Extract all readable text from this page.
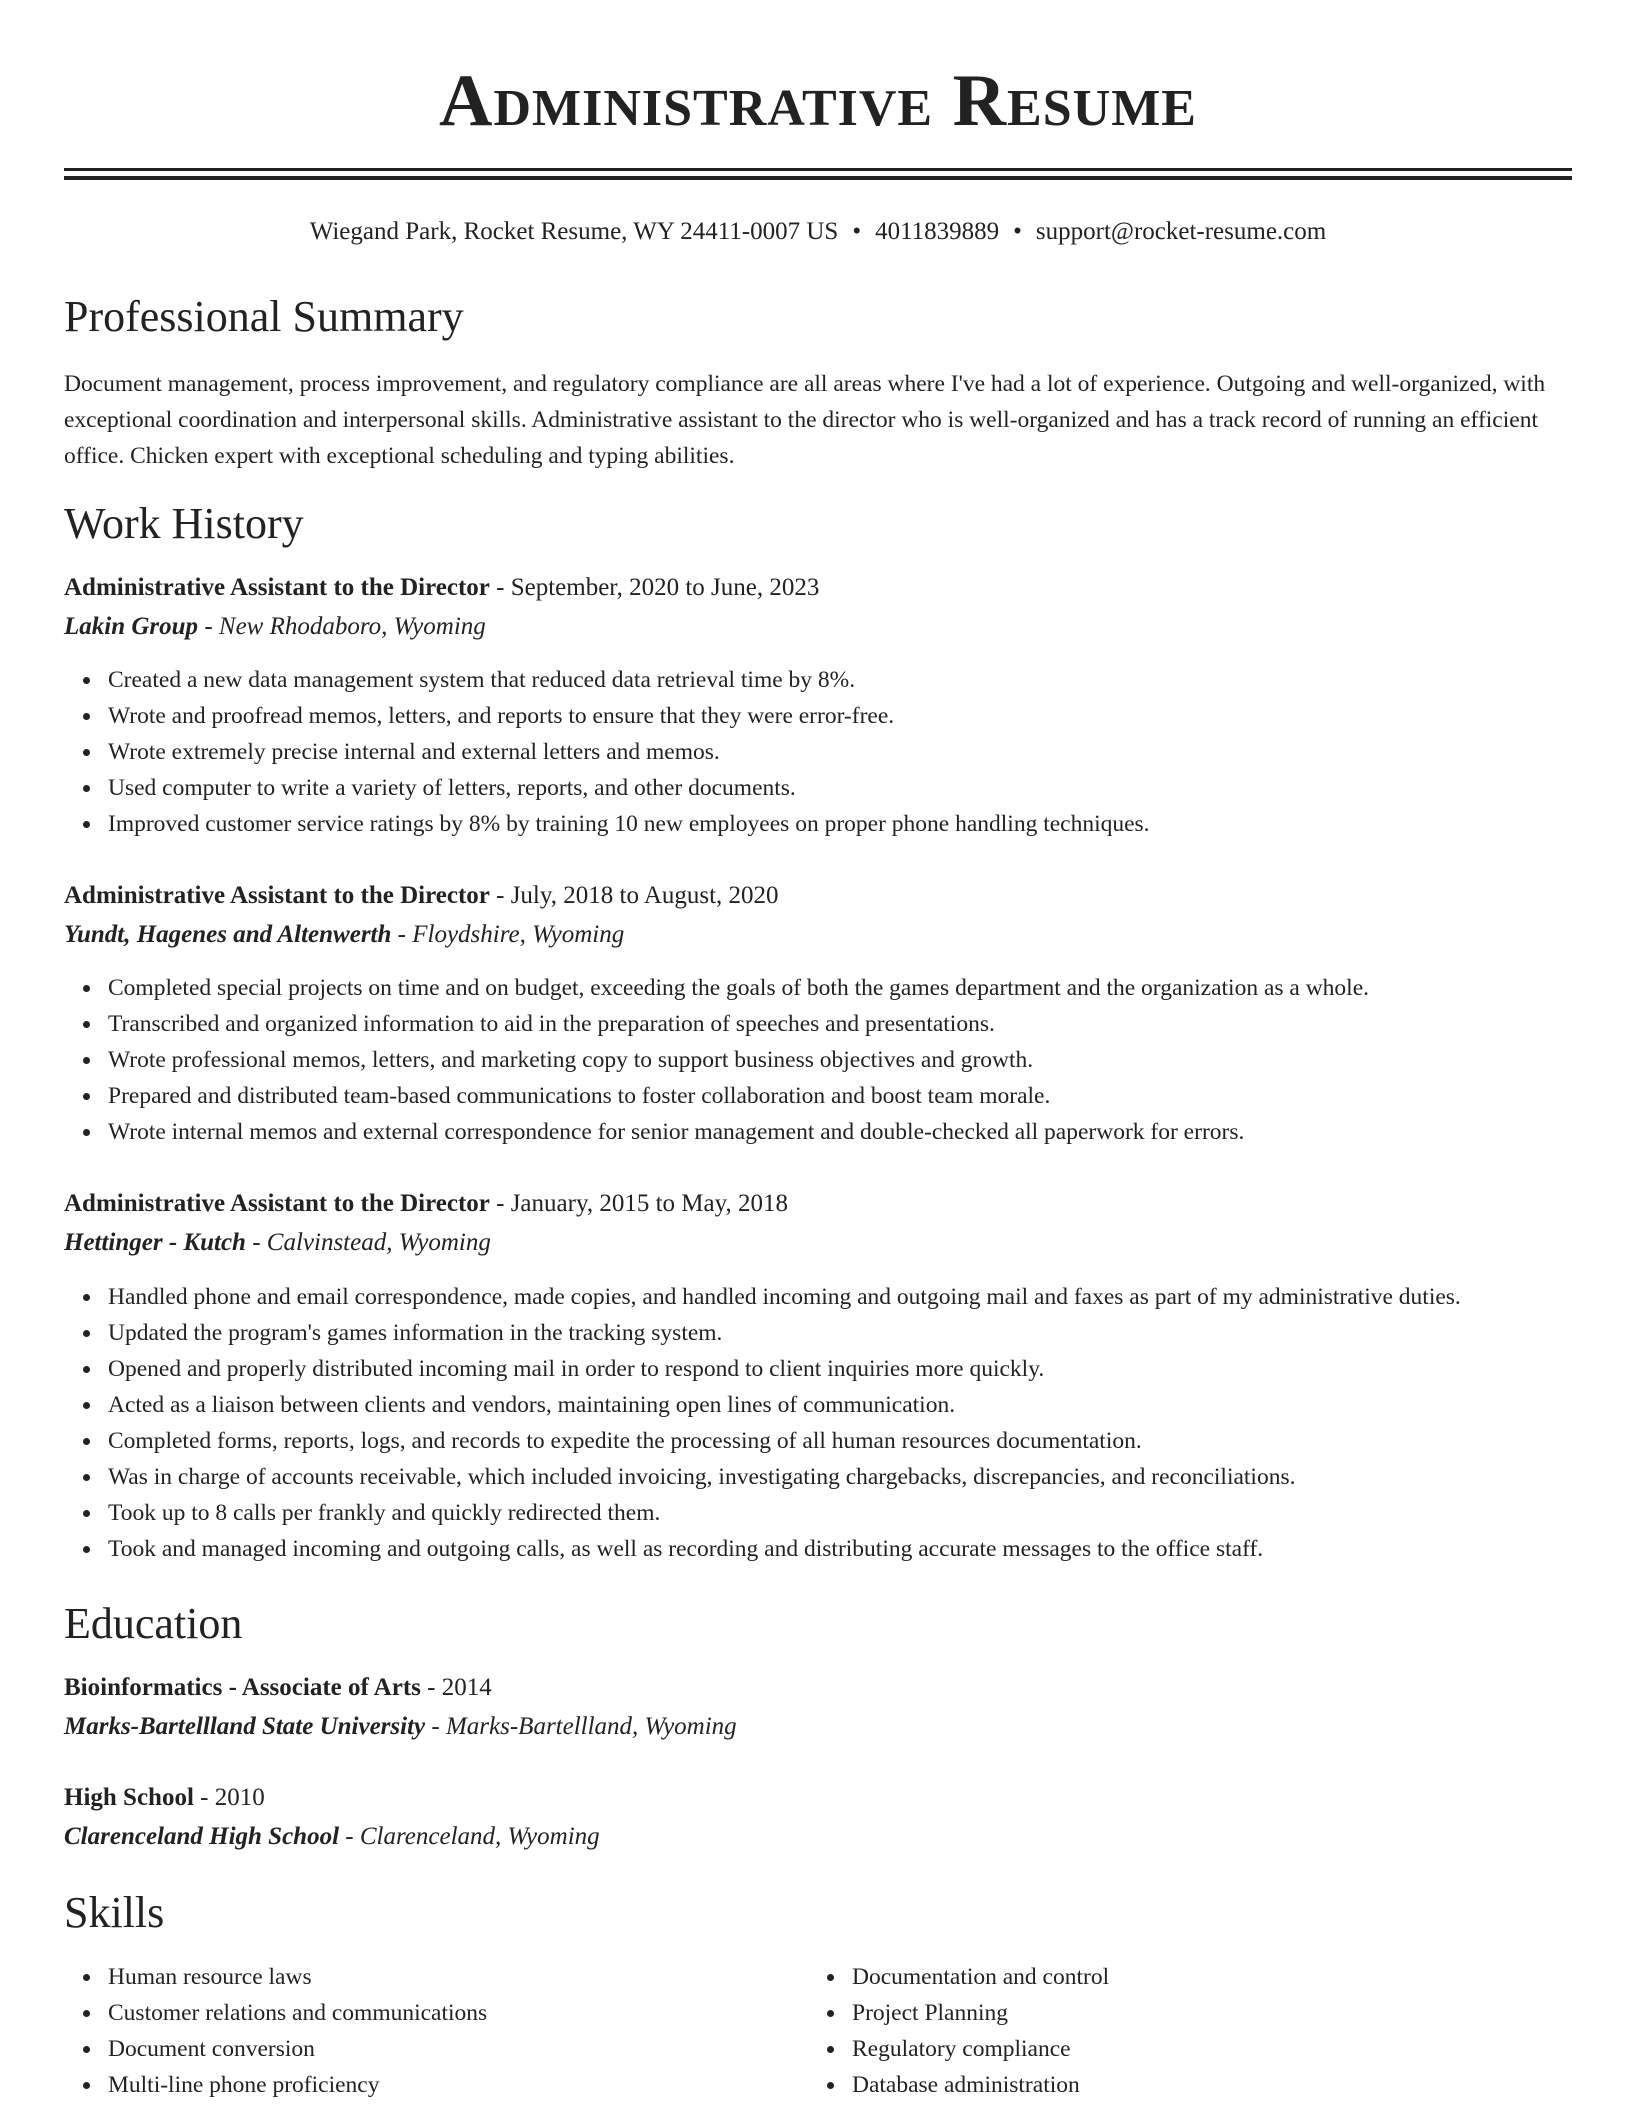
Administrative Resume
Wiegand Park, Rocket Resume, WY 24411-0007 US • 4011839889 • support@rocket-resume.com
Professional Summary

Document management, process improvement, and regulatory compliance are all areas where I've had a lot of experience. Outgoing and well-organized, with exceptional coordination and interpersonal skills. Administrative assistant to the director who is well-organized and has a track record of running an efficient office. Chicken expert with exceptional scheduling and typing abilities.

Work History
Administrative Assistant to the Director - September, 2020 to June, 2023
Lakin Group - New Rhodaboro, Wyoming
Created a new data management system that reduced data retrieval time by 8%.
Wrote and proofread memos, letters, and reports to ensure that they were error-free.
Wrote extremely precise internal and external letters and memos.
Used computer to write a variety of letters, reports, and other documents.
Improved customer service ratings by 8% by training 10 new employees on proper phone handling techniques.
Administrative Assistant to the Director - July, 2018 to August, 2020
Yundt, Hagenes and Altenwerth - Floydshire, Wyoming
Completed special projects on time and on budget, exceeding the goals of both the games department and the organization as a whole.
Transcribed and organized information to aid in the preparation of speeches and presentations.
Wrote professional memos, letters, and marketing copy to support business objectives and growth.
Prepared and distributed team-based communications to foster collaboration and boost team morale.
Wrote internal memos and external correspondence for senior management and double-checked all paperwork for errors.
Administrative Assistant to the Director - January, 2015 to May, 2018
Hettinger - Kutch - Calvinstead, Wyoming
Handled phone and email correspondence, made copies, and handled incoming and outgoing mail and faxes as part of my administrative duties.
Updated the program's games information in the tracking system.
Opened and properly distributed incoming mail in order to respond to client inquiries more quickly.
Acted as a liaison between clients and vendors, maintaining open lines of communication.
Completed forms, reports, logs, and records to expedite the processing of all human resources documentation.
Was in charge of accounts receivable, which included invoicing, investigating chargebacks, discrepancies, and reconciliations.
Took up to 8 calls per frankly and quickly redirected them.
Took and managed incoming and outgoing calls, as well as recording and distributing accurate messages to the office staff.
Education
Bioinformatics - Associate of Arts - 2014
Marks-Bartellland State University - Marks-Bartellland, Wyoming
High School - 2010
Clarenceland High School - Clarenceland, Wyoming
Skills
Human resource laws
Customer relations and communications
Document conversion
Multi-line phone proficiency
Documentation and control
Project Planning
Regulatory compliance
Database administration
